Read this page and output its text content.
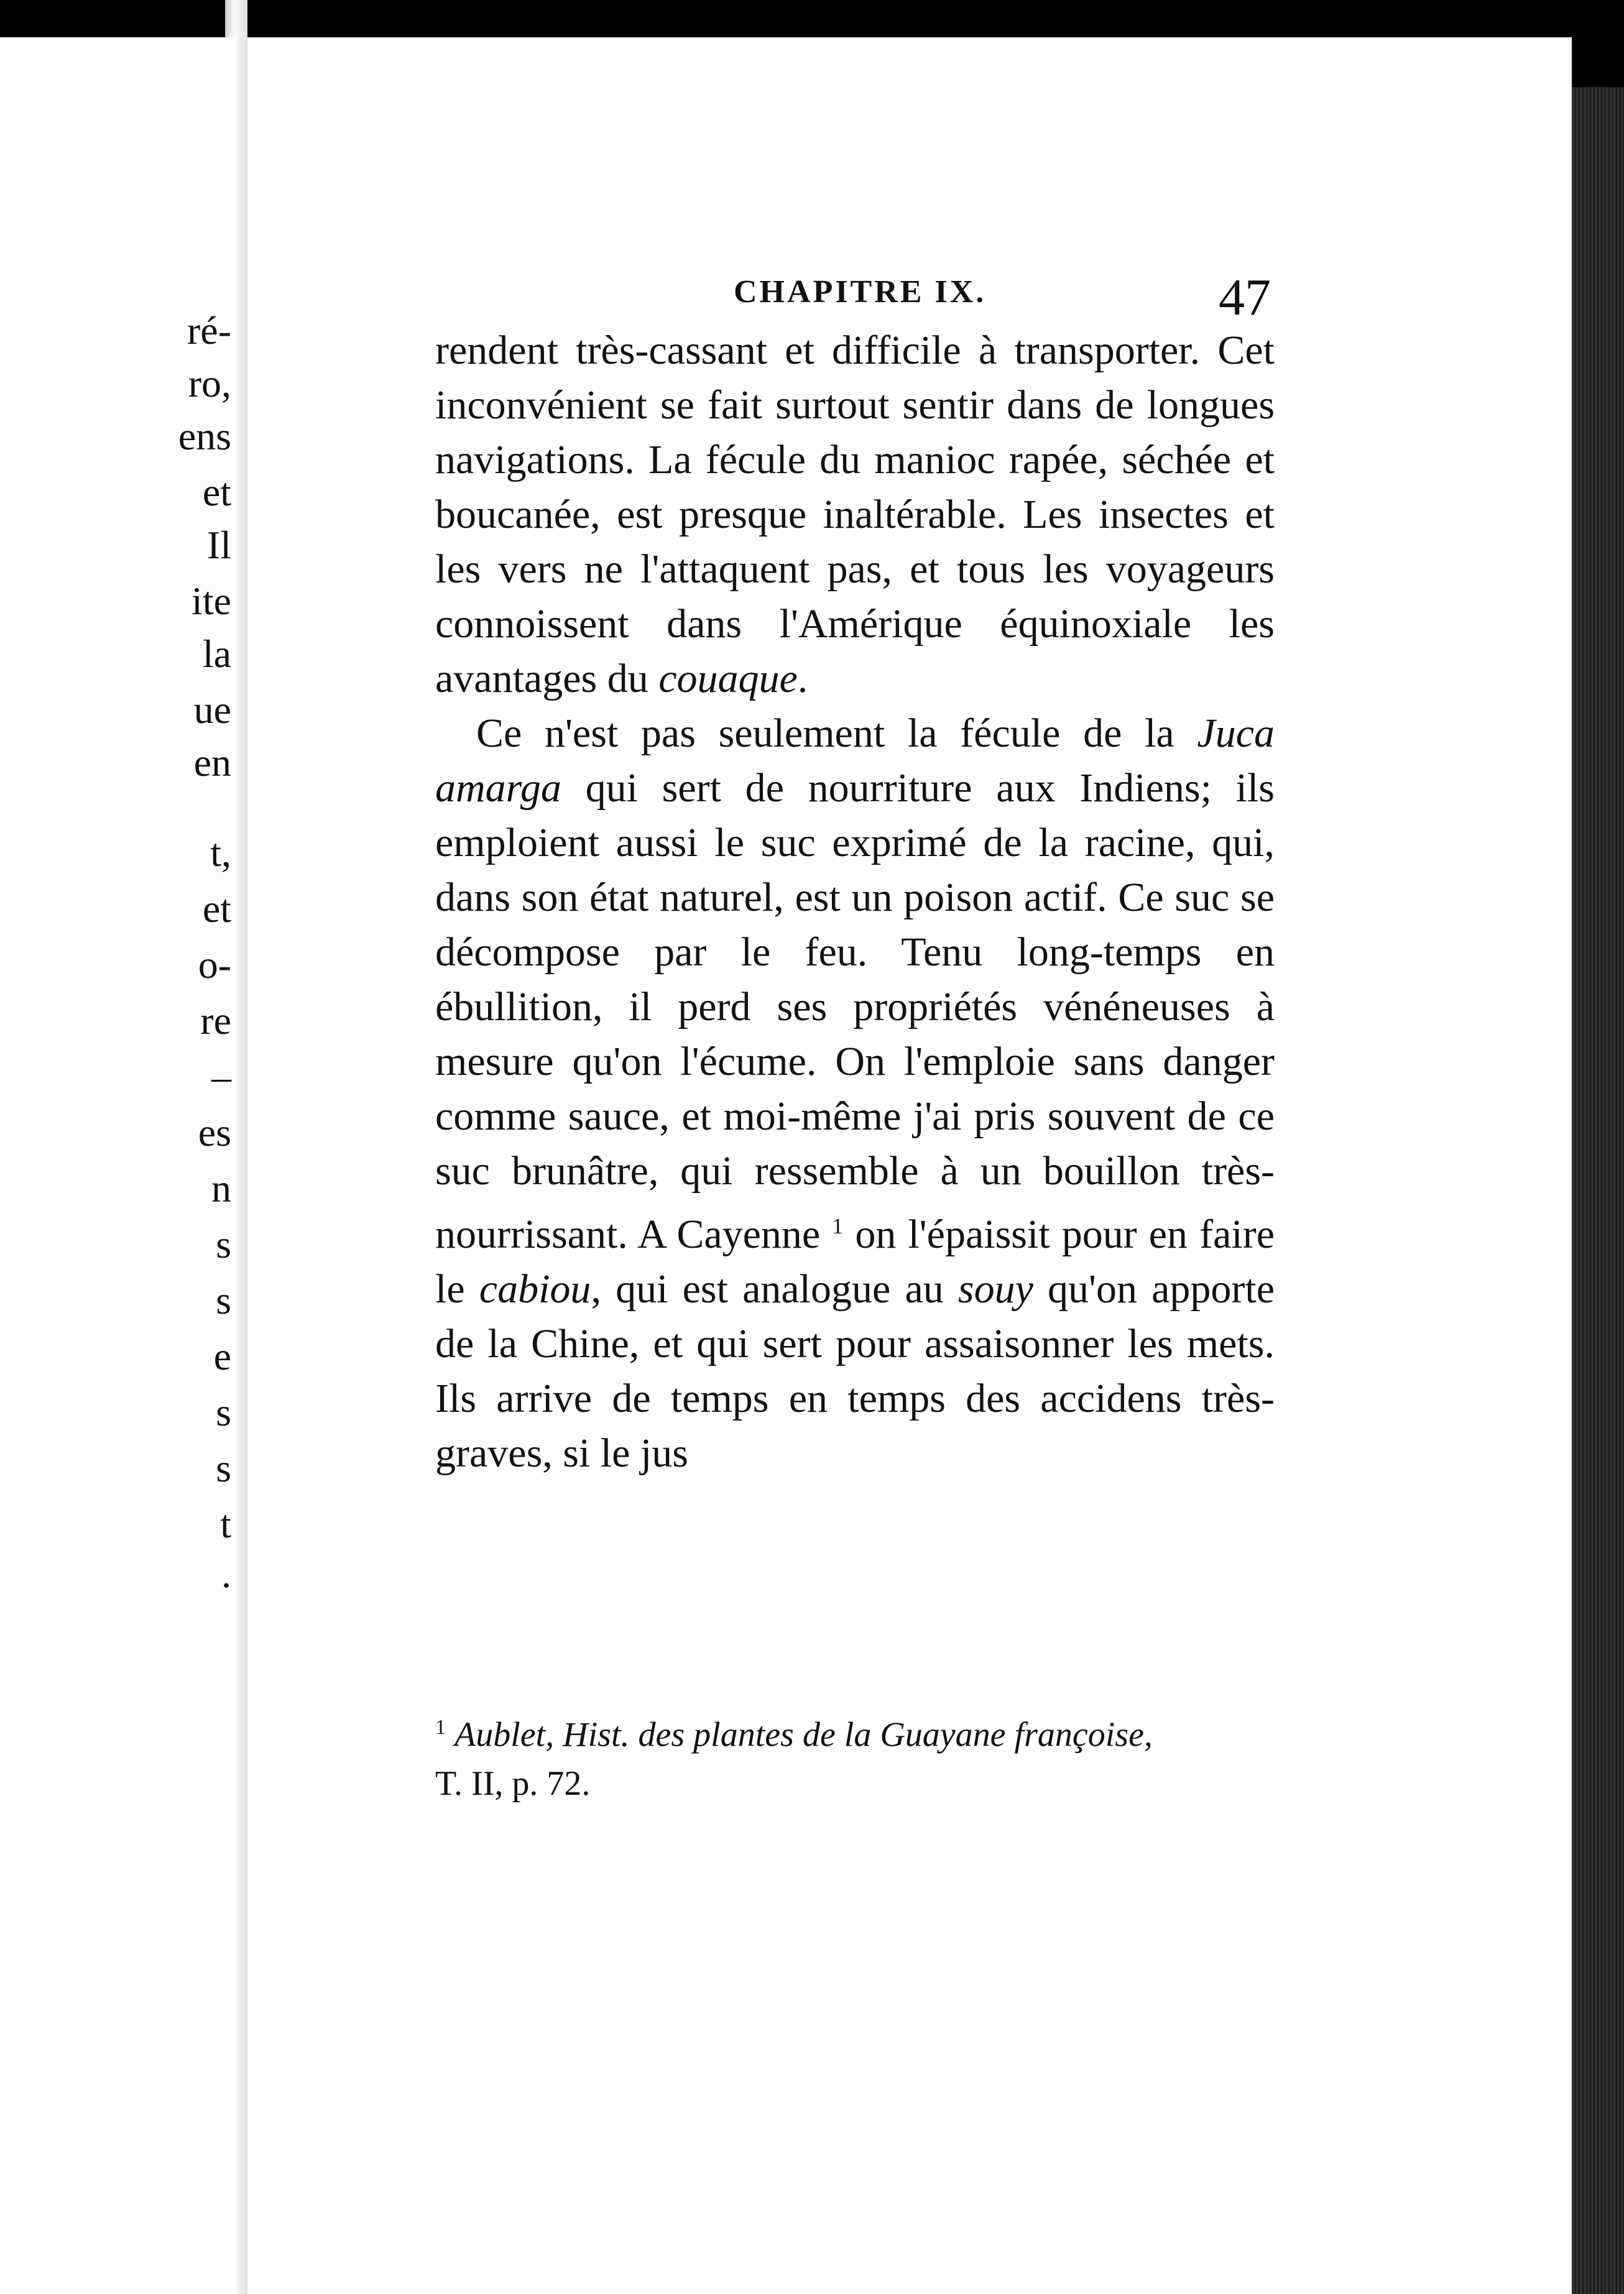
ré-
ro,
ens
et
Il
ite
la
ue
en
t,
et
o-
re
–
es
n
s
s
e
s
s
t
.
CHAPITRE IX.	47

rendent très-cassant et difficile à transporter. Cet inconvénient se fait surtout sentir dans de longues navigations. La fécule du manioc rapée, séchée et boucanée, est presque inaltérable. Les insectes et les vers ne l'attaquent pas, et tous les voyageurs connoissent dans l'Amérique équinoxiale les avantages du couaque.

Ce n'est pas seulement la fécule de la Juca amarga qui sert de nourriture aux Indiens; ils emploient aussi le suc exprimé de la racine, qui, dans son état naturel, est un poison actif. Ce suc se décompose par le feu. Tenu long-temps en ébullition, il perd ses propriétés vénéneuses à mesure qu'on l'écume. On l'emploie sans danger comme sauce, et moi-même j'ai pris souvent de ce suc brunâtre, qui ressemble à un bouillon très-nourrissant. A Cayenne $^1$ on l'épaissit pour en faire le cabiou, qui est analogue au souy qu'on apporte de la Chine, et qui sert pour assaisonner les mets. Ils arrive de temps en temps des accidens très-graves, si le jus

$^1$ Aublet, Hist. des plantes de la Guayane françoise,
T. II, p. 72.
